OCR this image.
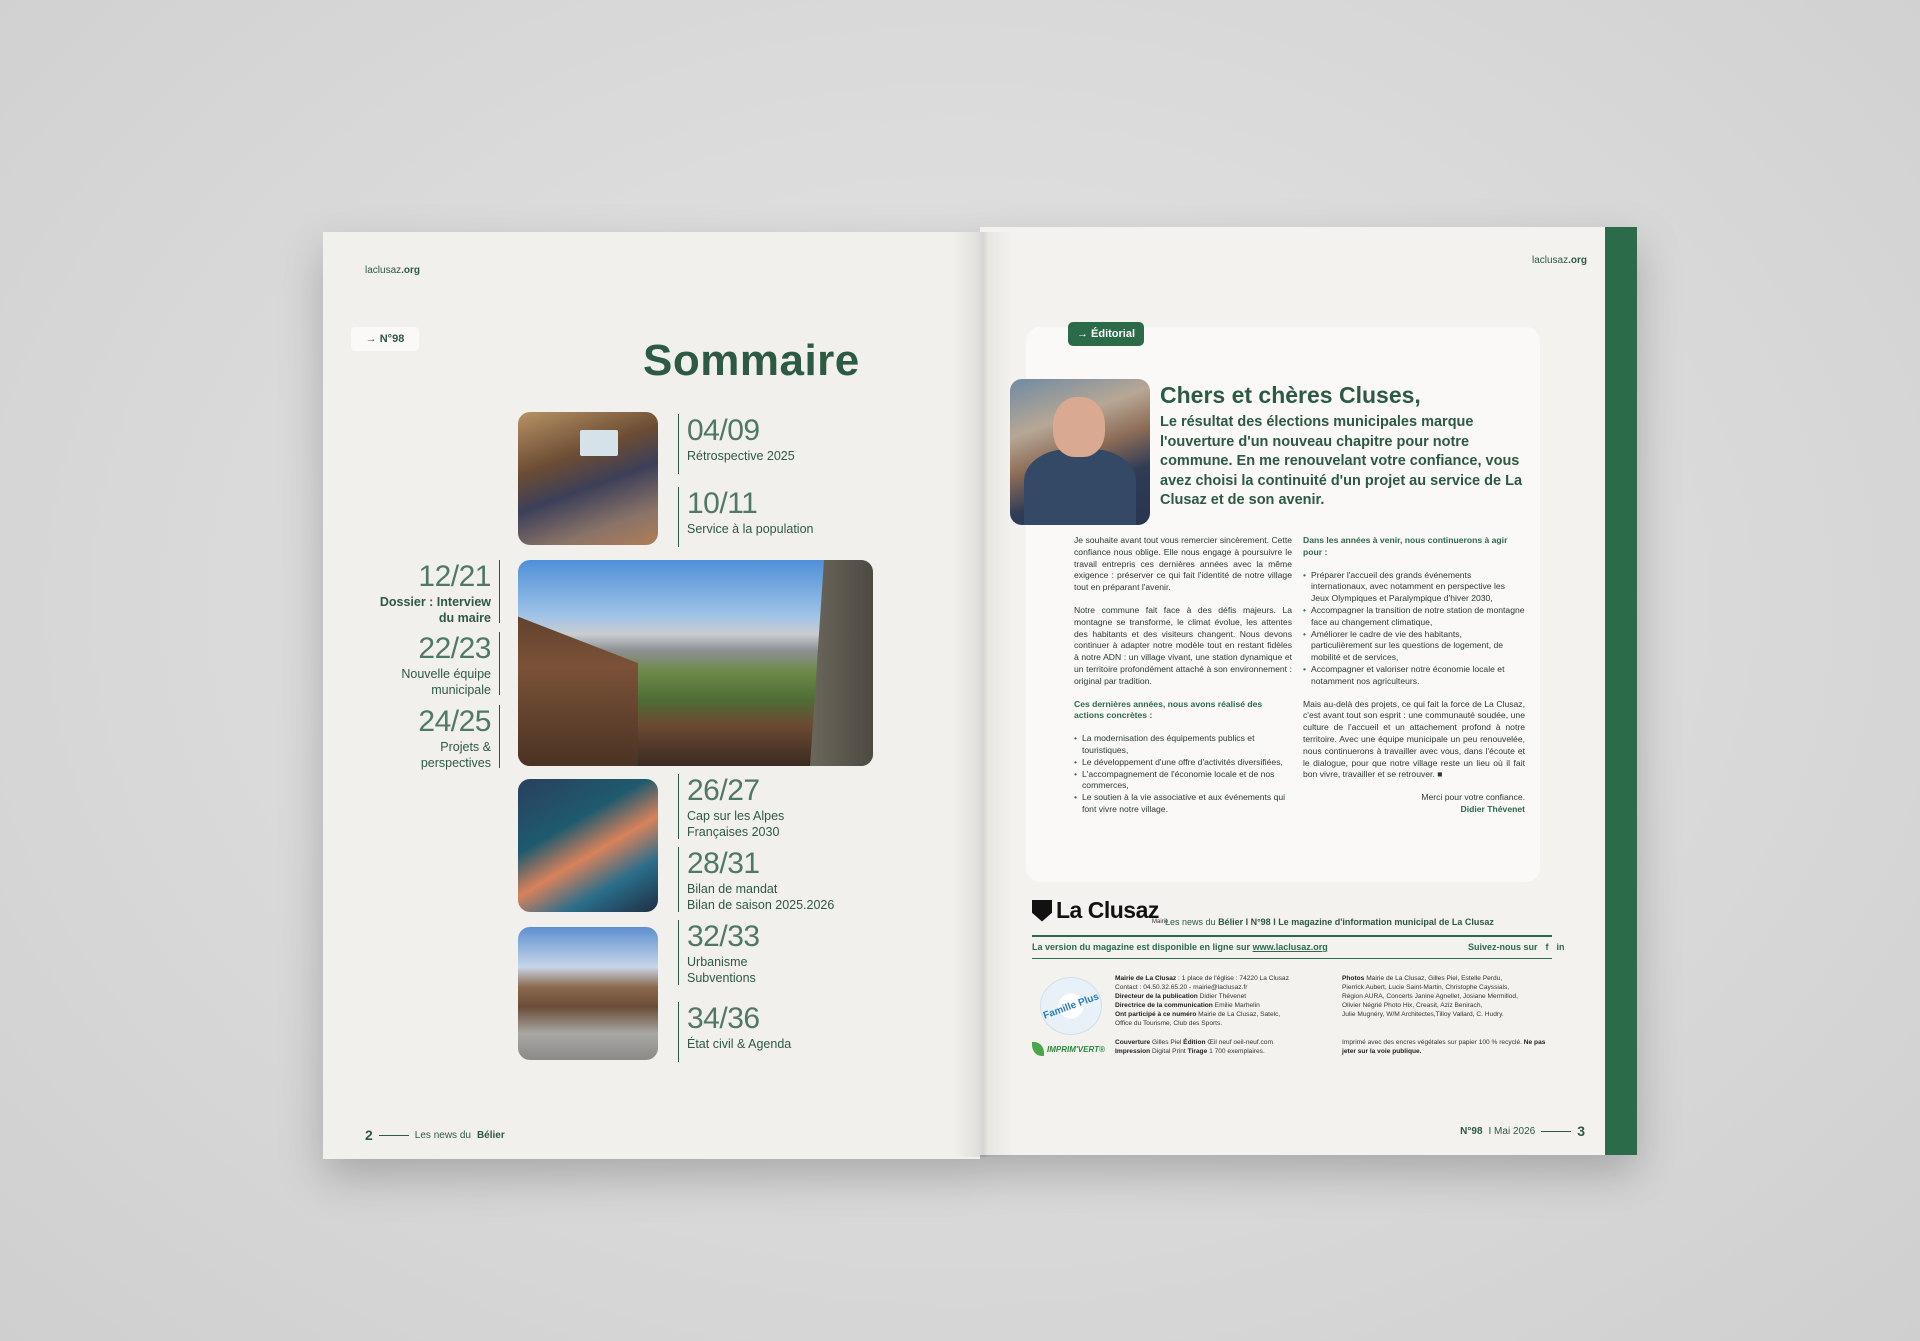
laclusaz.org
→ N°98	Sommaire
04/09
Rétrospective 2025
10/11
Service à la population
26/27
Cap sur les Alpes
Françaises 2030
28/31
Bilan de mandat
Bilan de saison 2025.2026
32/33
Urbanisme
Subventions
34/36
État civil & Agenda
12/21
Dossier : Interview
du maire
22/23
Nouvelle équipe
municipale
24/25
Projets &
perspectives
2	Les news du Bélier
laclusaz.org
→ Éditorial
Chers et chères Cluses,
Le résultat des élections municipales marque l'ouverture d'un nouveau chapitre pour notre commune. En me renouvelant votre confiance, vous avez choisi la continuité d'un projet au service de La Clusaz et de son avenir.

Je souhaite avant tout vous remercier sincèrement. Cette confiance nous oblige. Elle nous engage à poursuivre le travail entrepris ces dernières années avec la même exigence : préserver ce qui fait l'identité de notre village tout en préparant l'avenir.

Notre commune fait face à des défis majeurs. La montagne se transforme, le climat évolue, les attentes des habitants et des visiteurs changent. Nous devons continuer à adapter notre modèle tout en restant fidèles à notre ADN : un village vivant, une station dynamique et un territoire profondément attaché à son environnement : original par tradition.

Ces dernières années, nous avons réalisé des actions concrètes :

• La modernisation des équipements publics et touristiques,
• Le développement d'une offre d'activités diversifiées,
• L'accompagnement de l'économie locale et de nos commerces,
• Le soutien à la vie associative et aux événements qui font vivre notre village.

Dans les années à venir, nous continuerons à agir pour :

• Préparer l'accueil des grands événements internationaux, avec notamment en perspective les Jeux Olympiques et Paralympique d'hiver 2030,
• Accompagner la transition de notre station de montagne face au changement climatique,
• Améliorer le cadre de vie des habitants, particulièrement sur les questions de logement, de mobilité et de services,
• Accompagner et valoriser notre économie locale et notamment nos agriculteurs.

Mais au-delà des projets, ce qui fait la force de La Clusaz, c'est avant tout son esprit : une communauté soudée, une culture de l'accueil et un attachement profond à notre territoire. Avec une équipe municipale un peu renouvelée, nous continuerons à travailler avec vous, dans l'écoute et le dialogue, pour que notre village reste un lieu où il fait bon vivre, travailler et se retrouver. ■

Merci pour votre confiance.
Didier Thévenet
La Clusaz
Mairie
Les news du Bélier I N°98 I Le magazine d'information municipal de La Clusaz
La version du magazine est disponible en ligne sur www.laclusaz.org	Suivez-nous sur f in
Famille Plus
IMPRIM'VERT®
Mairie de La Clusaz : 1 place de l'église : 74220 La Clusaz
Contact : 04.50.32.65.20 - mairie@laclusaz.fr
Directeur de la publication Didier Thévenet
Directrice de la communication Emilie Marhelin
Ont participé à ce numéro Mairie de La Clusaz, Satelc,
Office du Tourisme, Club des Sports.
Couverture Gilles Piel Édition Œil neuf oeil-neuf.com
Impression Digital Print Tirage 1 700 exemplaires.
Photos Mairie de La Clusaz, Gilles Piel, Estelle Perdu,
Pierrick Aubert, Lucie Saint-Martin, Christophe Cayssials,
Région AURA, Concerts Janine Agnellet, Josiane Mermillod,
Olivier Négrié Photo Hix, Creasit, Aziz Benirach,
Julie Mugnéry, W/M Architectes,Tilloy Vallard, C. Hudry.
Imprimé avec des encres végétales sur papier 100 % recyclé. Ne pas jeter sur la voie publique.
N°98 I Mai 2026	3
